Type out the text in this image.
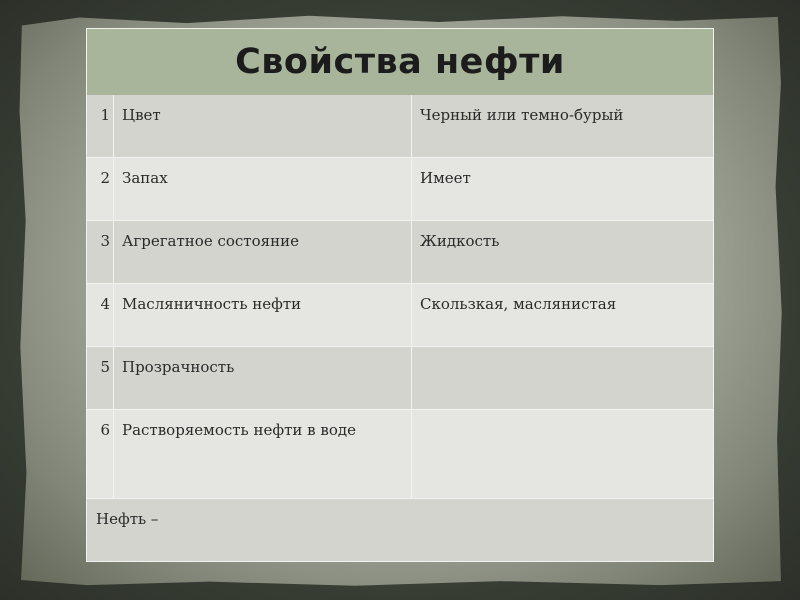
Свойства нефти
1 Цвет	Черный или темно-бурый
2 Запах	Имеет
3 Агрегатное состояние	Жидкость
4 Масляничность нефти	Скользкая, маслянистая
5 Прозрачность
6 Растворяемость нефти в воде
Нефть –
